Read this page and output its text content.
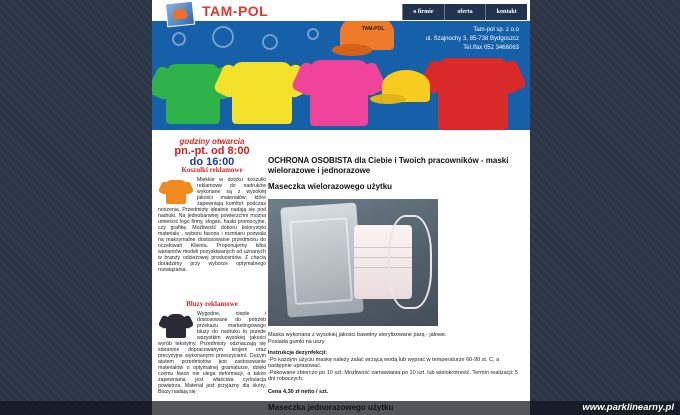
TAM-POL
TAM-POL	o firmie	oferta	kontakt
Tam-pol sp. z o.o
ul. Szajnochy 3, 85-738 Bydgoszcz
Tel./fax 052 3466063
godziny otwarcia
pn.-pt. od 8:00
do 16:00
Koszulki reklamowe
Miękkie w dotyku koszulki reklamowe do nadruków wykonane są z wysokiej jakości materiałów, które zapewniają komfort podczas noszenia. Przedmioty idealnie nadają się pod nadruki. Na jednobarwnej powierzchni można umieścić logo firmy, slogan, hasła promocyjne, czy grafikę. Możliwość doboru kolorystyki materiału , wyboru fasonu i rozmiaru pozwala na maksymalne dostosowanie przedmiotu do oczekiwań Klienta. Proponujemy kilka wariantów modeli pozyskiwanych od uznanych w branży odzieżowej producentów. Z chęcią doradzimy przy wyborze optymalnego rozwiązania.
Bluzy reklamowe
Wygodne, ciepłe i dostosowane do potrzeb przekazu marketingowego bluzy do nadruku to przede wszystkim wysokiej jakości wyrób tekstylny. Przedmioty odznaczają się starannie dopracowanym krojem oraz precyzyjne wykonanymi przeszyciami. Dużym atutem przedmiotów jest zastosowanie materiałów o optymalnej gramaturze, dzięki czemu fason nie ulega deformacji, a także zapewniana jest właściwa cyrkulacja powietrza. Materiał jest przyjazny dla skóry, Bluzy nadają się
OCHRONA OSOBISTA dla Ciebie i Twoich pracowników - maski wielorazowe i jednorazowe
Maseczka wielorazowego użytku
Maska wykonana z wysokiej jakości bawełny sterylizowane parą - jałowe.
Posiada gumki na uszy.
Instrukcja dezynfekcji:
-Po każdym użyciu maskę należy zalać wrzącą wodą lub wyprać w temperaturze 60-90 st. C, a następnie uprasować.
-Pakowane zbiorczo po 10 szt. Możliwość zamawiania po 10 szt. lub wielokrotność. Termin realizacji: 5 dni roboczych.
Cena 4,30 zł netto / szt.
www.parklinearny.pl
